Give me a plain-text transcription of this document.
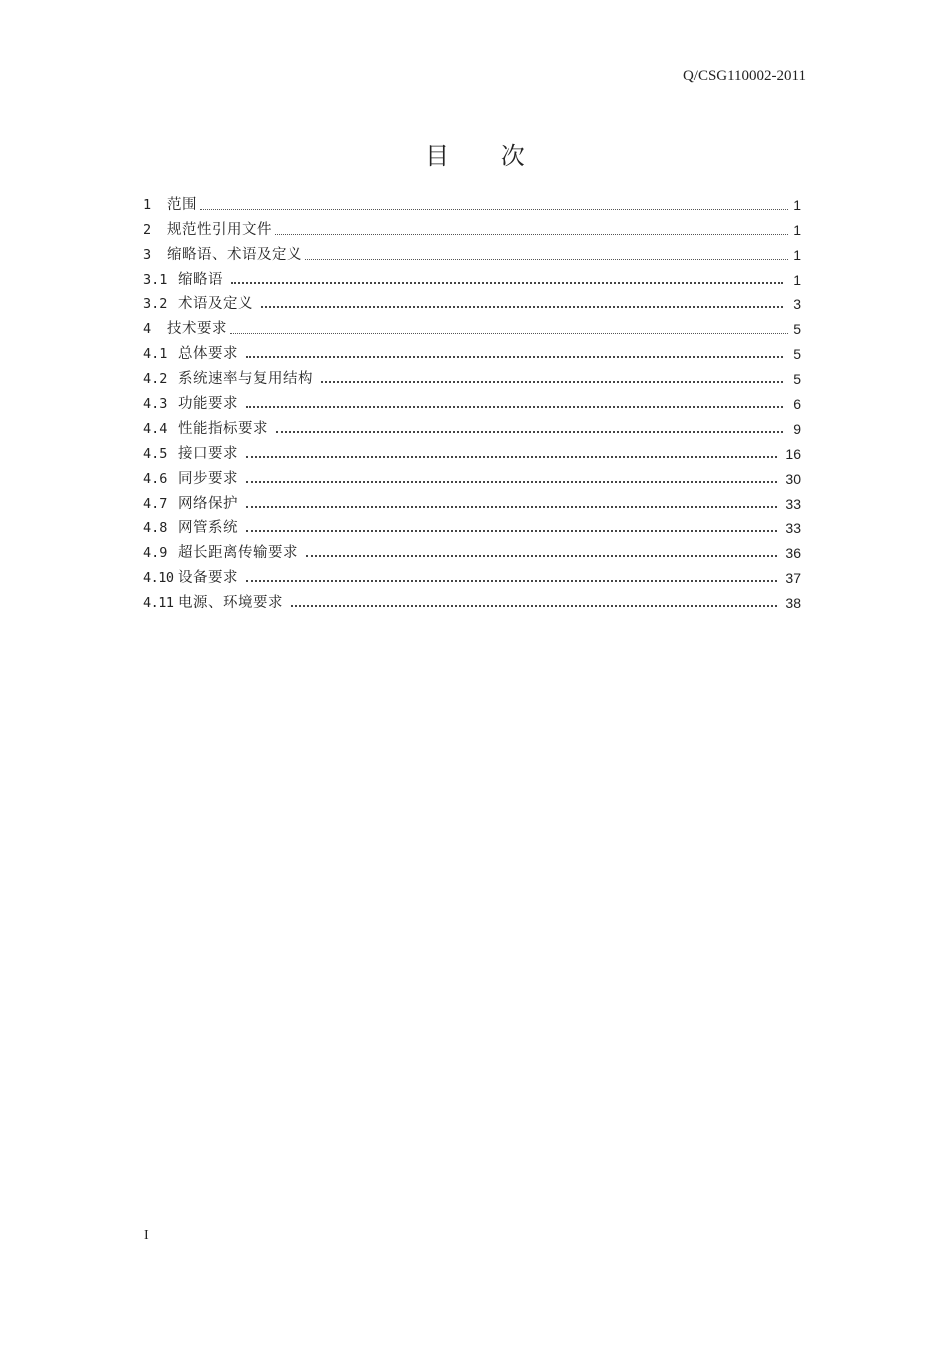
Q/CSG110002-2011
目 次
1	范围	1
2	规范性引用文件	1
3	缩略语、术语及定义	1
3.1 缩略语	1
3.2 术语及定义	3
4	技术要求	5
4.1 总体要求	5
4.2 系统速率与复用结构	5
4.3 功能要求	6
4.4 性能指标要求	9
4.5 接口要求	16
4.6 同步要求	30
4.7 网络保护	33
4.8 网管系统	33
4.9 超长距离传输要求	36
4.10 设备要求	37
4.11 电源、环境要求	38
I
